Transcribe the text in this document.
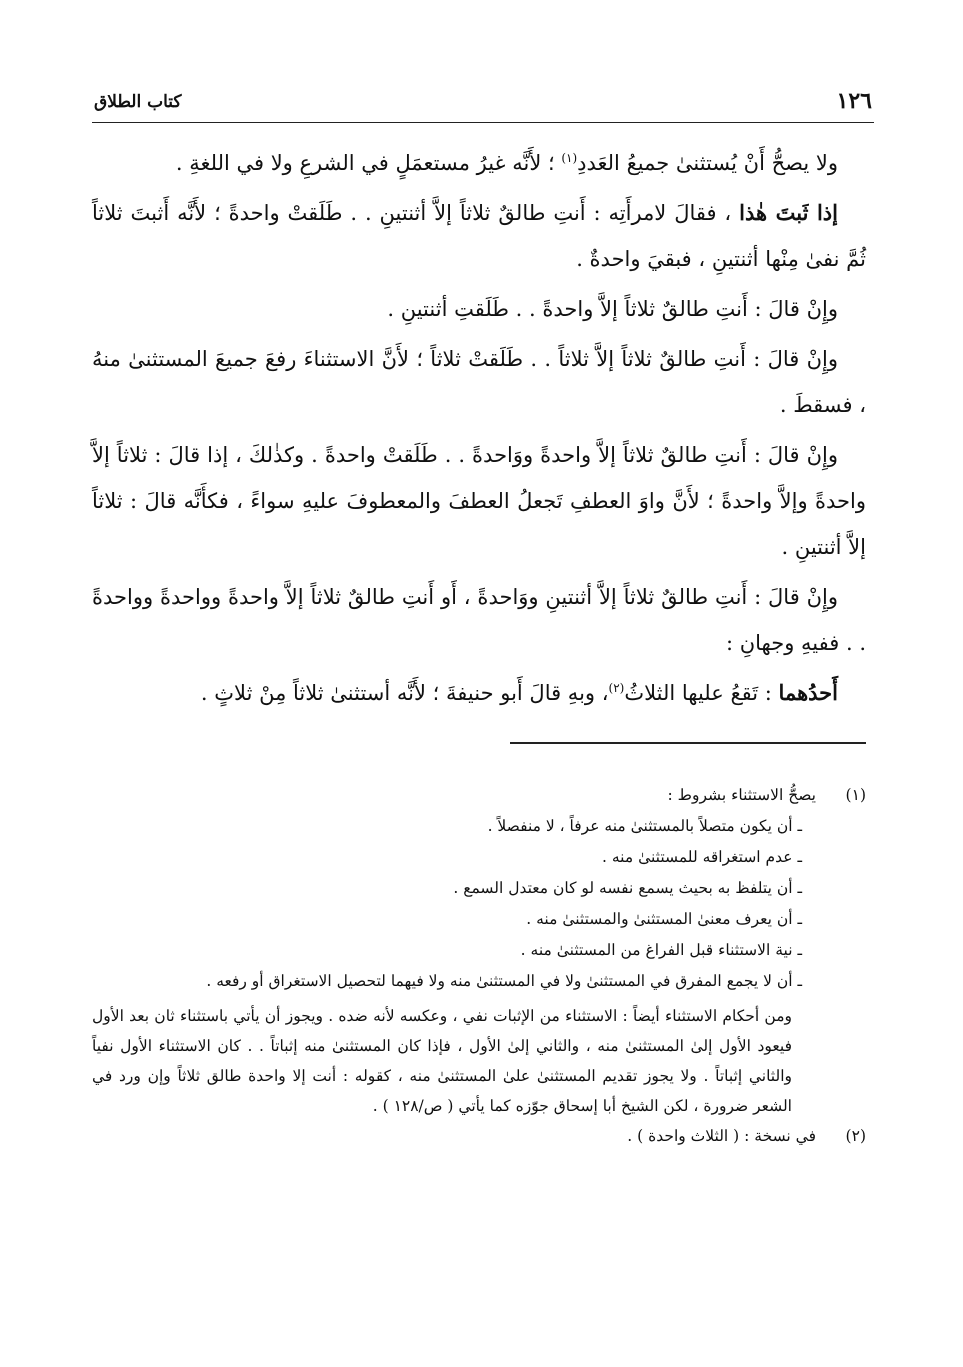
١٢٦
كتاب الطلاق

ولا يصحُّ أَنْ يُستثنىٰ جميعُ العَددِ$^{(١)}$ ؛ لأَنَّه غيرُ مستعمَلٍ في الشرعِ ولا في اللغةِ .

إذا ثَبتَ هٰذا ، فقالَ لامرأَتِه : أَنتِ طالقٌ ثلاثاً إلاَّ أثنتينِ . . طَلَقتْ واحدةً ؛ لأَنَّه أَثبتَ ثلاثاً ثُمَّ نفىٰ مِنْها أثنتينِ ، فبقيَ واحدةٌ .

وإِنْ قالَ : أَنتِ طالقٌ ثلاثاً إلاَّ واحدةً . . طَلَقتِ أثنتينِ .

وإِنْ قالَ : أَنتِ طالقٌ ثلاثاً إلاَّ ثلاثاً . . طَلَقتْ ثلاثاً ؛ لأَنَّ الاستثناءَ رفعَ جميعَ المستثنىٰ منهُ ، فسقطَ .

وإِنْ قالَ : أَنتِ طالقٌ ثلاثاً إلاَّ واحدةً ووَاحدةً . . طَلَقتْ واحدةً . وكذٰلكَ ، إذا قالَ : ثلاثاً إلاَّ واحدةً وإلاَّ واحدةً ؛ لأَنَّ واوَ العطفِ تَجعلُ العطفَ والمعطوفَ عليهِ سواءً ، فكأَنَّه قالَ : ثلاثاً إلاَّ أثنتينِ .

وإِنْ قالَ : أَنتِ طالقٌ ثلاثاً إلاَّ أثنتينِ ووَاحدةً ، أَو أَنتِ طالقٌ ثلاثاً إلاَّ واحدةً وواحدةً وواحدةً . . ففيهِ وجهانِ :

أَحدُهما : تَقعُ عليها الثلاثُ$^{(٢)}$، وبهِ قالَ أَبو حنيفةَ ؛ لأَنَّه أستثنىٰ ثلاثاً مِنْ ثلاثٍ .

(١)

يصحُّ الاستثناء بشروط :

ـ أن يكون متصلاً بالمستثنىٰ منه عرفاً ، لا منفصلاً .

ـ عدم استغراقه للمستثنىٰ منه .

ـ أن يتلفظ به بحيث يسمع نفسه لو كان معتدل السمع .

ـ أن يعرف معنىٰ المستثنىٰ والمستثنىٰ منه .

ـ نية الاستثناء قبل الفراغ من المستثنىٰ منه .

ـ أن لا يجمع المفرق في المستثنىٰ ولا في المستثنىٰ منه ولا فيهما لتحصيل الاستغراق أو رفعه .

ومن أحكام الاستثناء أيضاً : الاستثناء من الإثبات نفي ، وعكسه لأنه ضده . ويجوز أن يأتي باستثناء ثان بعد الأول فيعود الأول إلىٰ المستثنىٰ منه ، والثاني إلىٰ الأول ، فإذا كان المستثنىٰ منه إثباتاً . . كان الاستثناء الأول نفياً والثاني إثباتاً . ولا يجوز تقديم المستثنىٰ علىٰ المستثنىٰ منه ، كقوله : أنت إلا واحدة طالق ثلاثاً وإن ورد في الشعر ضرورة ، لكن الشيخ أبا إسحاق جوّزه كما يأتي ( ص/١٢٨ ) .

(٢)

في نسخة : ( الثلاث واحدة ) .
